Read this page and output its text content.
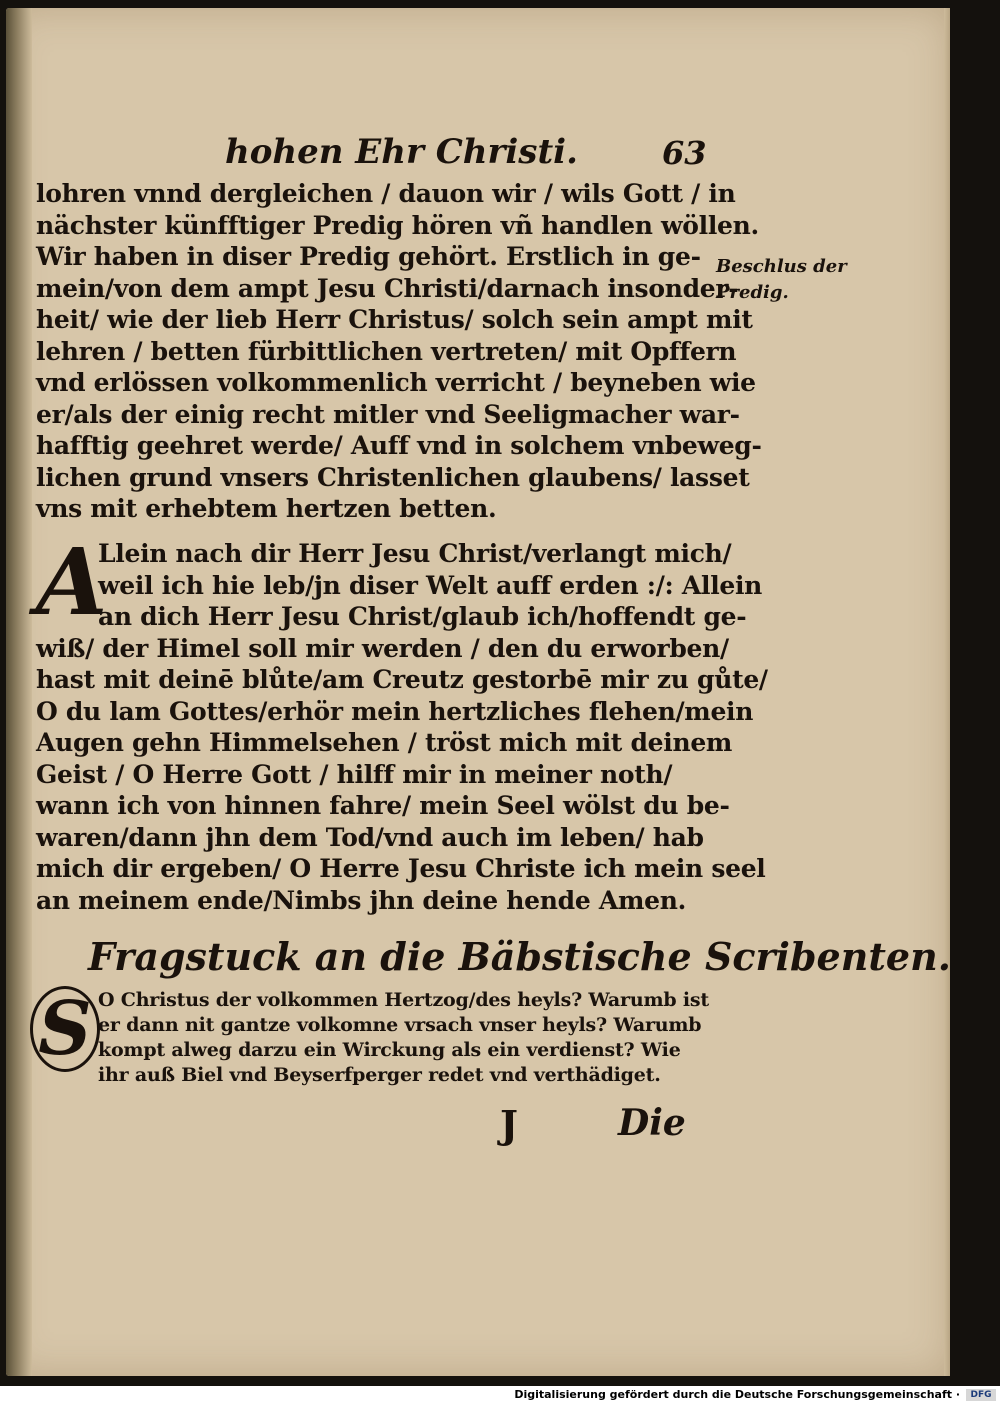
hohen Ehr Christi.	63
lohren vnnd dergleichen / dauon wir / wils Gott / in
nächster künfftiger Predig hören vñ handlen wöllen.
Wir haben in diser Predig gehört. Erstlich in ge-
mein/von dem ampt Jesu Christi/darnach insonder-
heit/ wie der lieb Herr Christus/ solch sein ampt mit
lehren / betten fürbittlichen vertreten/ mit Opffern
vnd erlössen volkommenlich verricht / beyneben wie
er/als der einig recht mitler vnd Seeligmacher war-
hafftig geehret werde/ Auff vnd in solchem vnbeweg-
lichen grund vnsers Christenlichen glaubens/ lasset
vns mit erhebtem hertzen betten.
Beschlus der
Predig.
A
Llein nach dir Herr Jesu Christ/verlangt mich/
weil ich hie leb/jn diser Welt auff erden :/: Allein
an dich Herr Jesu Christ/glaub ich/hoffendt ge-
wiß/ der Himel soll mir werden / den du erworben/
hast mit deinē blůte/am Creutz gestorbē mir zu gůte/
O du lam Gottes/erhör mein hertzliches flehen/mein
Augen gehn Himmelsehen / tröst mich mit deinem
Geist / O Herre Gott / hilff mir in meiner noth/
wann ich von hinnen fahre/ mein Seel wölst du be-
waren/dann jhn dem Tod/vnd auch im leben/ hab
mich dir ergeben/ O Herre Jesu Christe ich mein seel
an meinem ende/Nimbs jhn deine hende Amen.
Fragstuck an die Bäbstische Scribenten.
S O Christus der volkommen Hertzog/des heyls? Warumb ist
er dann nit gantze volkomne vrsach vnser heyls? Warumb
kompt alweg darzu ein Wirckung als ein verdienst? Wie
ihr auß Biel vnd Beyserfperger redet vnd verthädiget.
J	Die
Digitalisierung gefördert durch die Deutsche Forschungsgemeinschaft ·	DFG
